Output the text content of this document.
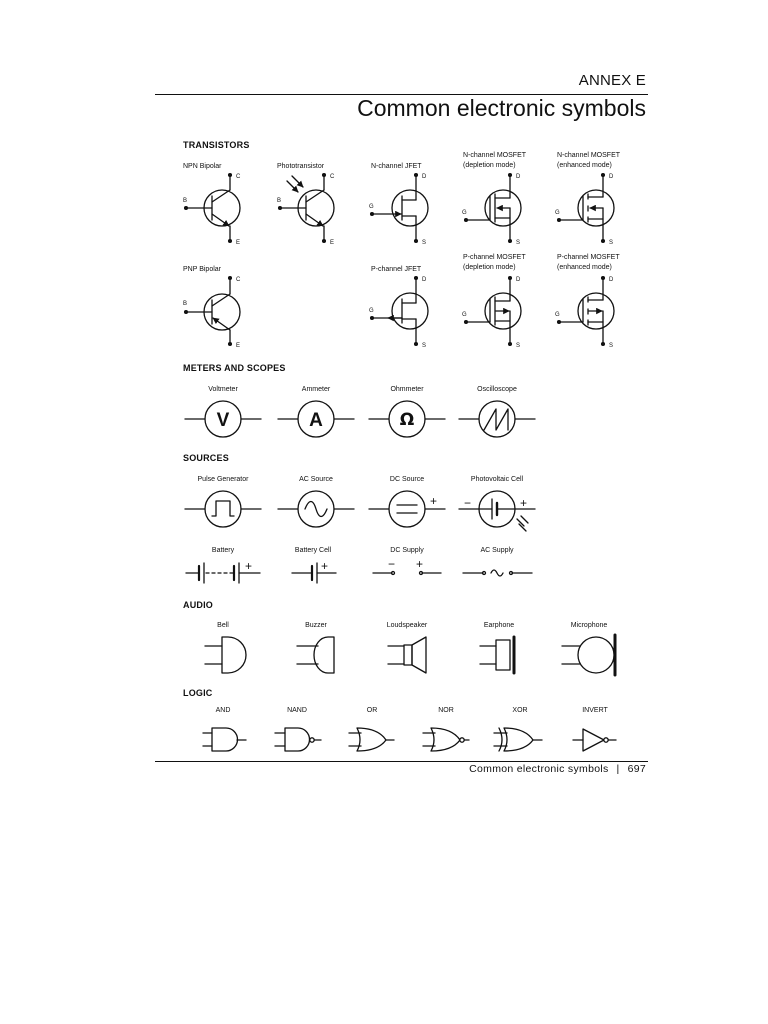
ANNEX E
Common electronic symbols
TRANSISTORS
METERS AND SCOPES
SOURCES
AUDIO
LOGIC
NPN Bipolar	Phototransistor	N-channel JFET
N-channel MOSFET
(depletion mode)
N-channel MOSFET
(enhanced mode)
PNP Bipolar	P-channel JFET
P-channel MOSFET
(depletion mode)
P-channel MOSFET
(enhanced mode)
Voltmeter	Ammeter	Ohmmeter	Oscilloscope
Pulse Generator	AC Source	DC Source	Photovoltaic Cell
Battery	Battery Cell	DC Supply	AC Supply
Bell	Buzzer	Loudspeaker	Earphone	Microphone
AND	NAND	OR	NOR	XOR	INVERT
B
C
E
B
C
E
G
D
S
G
D
S
G
D
S
B
C
E
G
D
S
G
D
S
G
D
S
V	A	Ω
+ −	+
+	+	− +
Common electronic symbols | 697
